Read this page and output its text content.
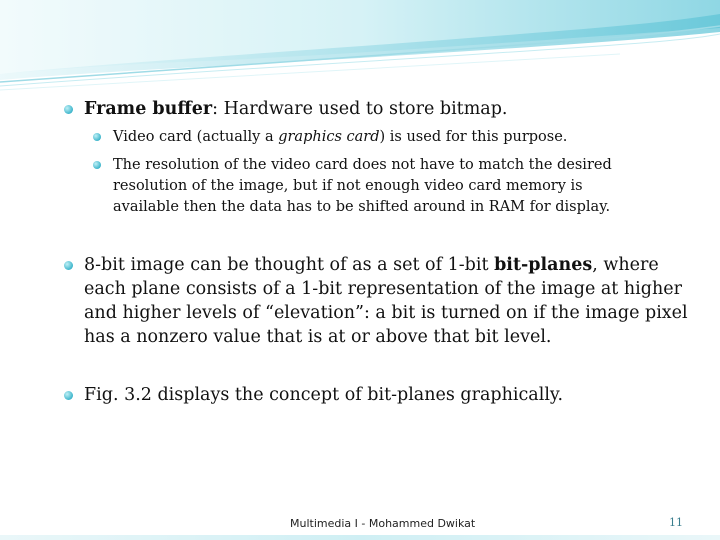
Frame buffer: Hardware used to store bitmap.
Video card (actually a graphics card) is used for this purpose.
The resolution of the video card does not have to match the desired
resolution of the image, but if not enough video card memory is
available then the data has to be shifted around in RAM for display.
8-bit image can be thought of as a set of 1-bit bit-planes, where
each plane consists of a 1-bit representation of the image at higher
and higher levels of “elevation”: a bit is turned on if the image pixel
has a nonzero value that is at or above that bit level.
Fig. 3.2 displays the concept of bit-planes graphically.
Multimedia I - Mohammed Dwikat	11
